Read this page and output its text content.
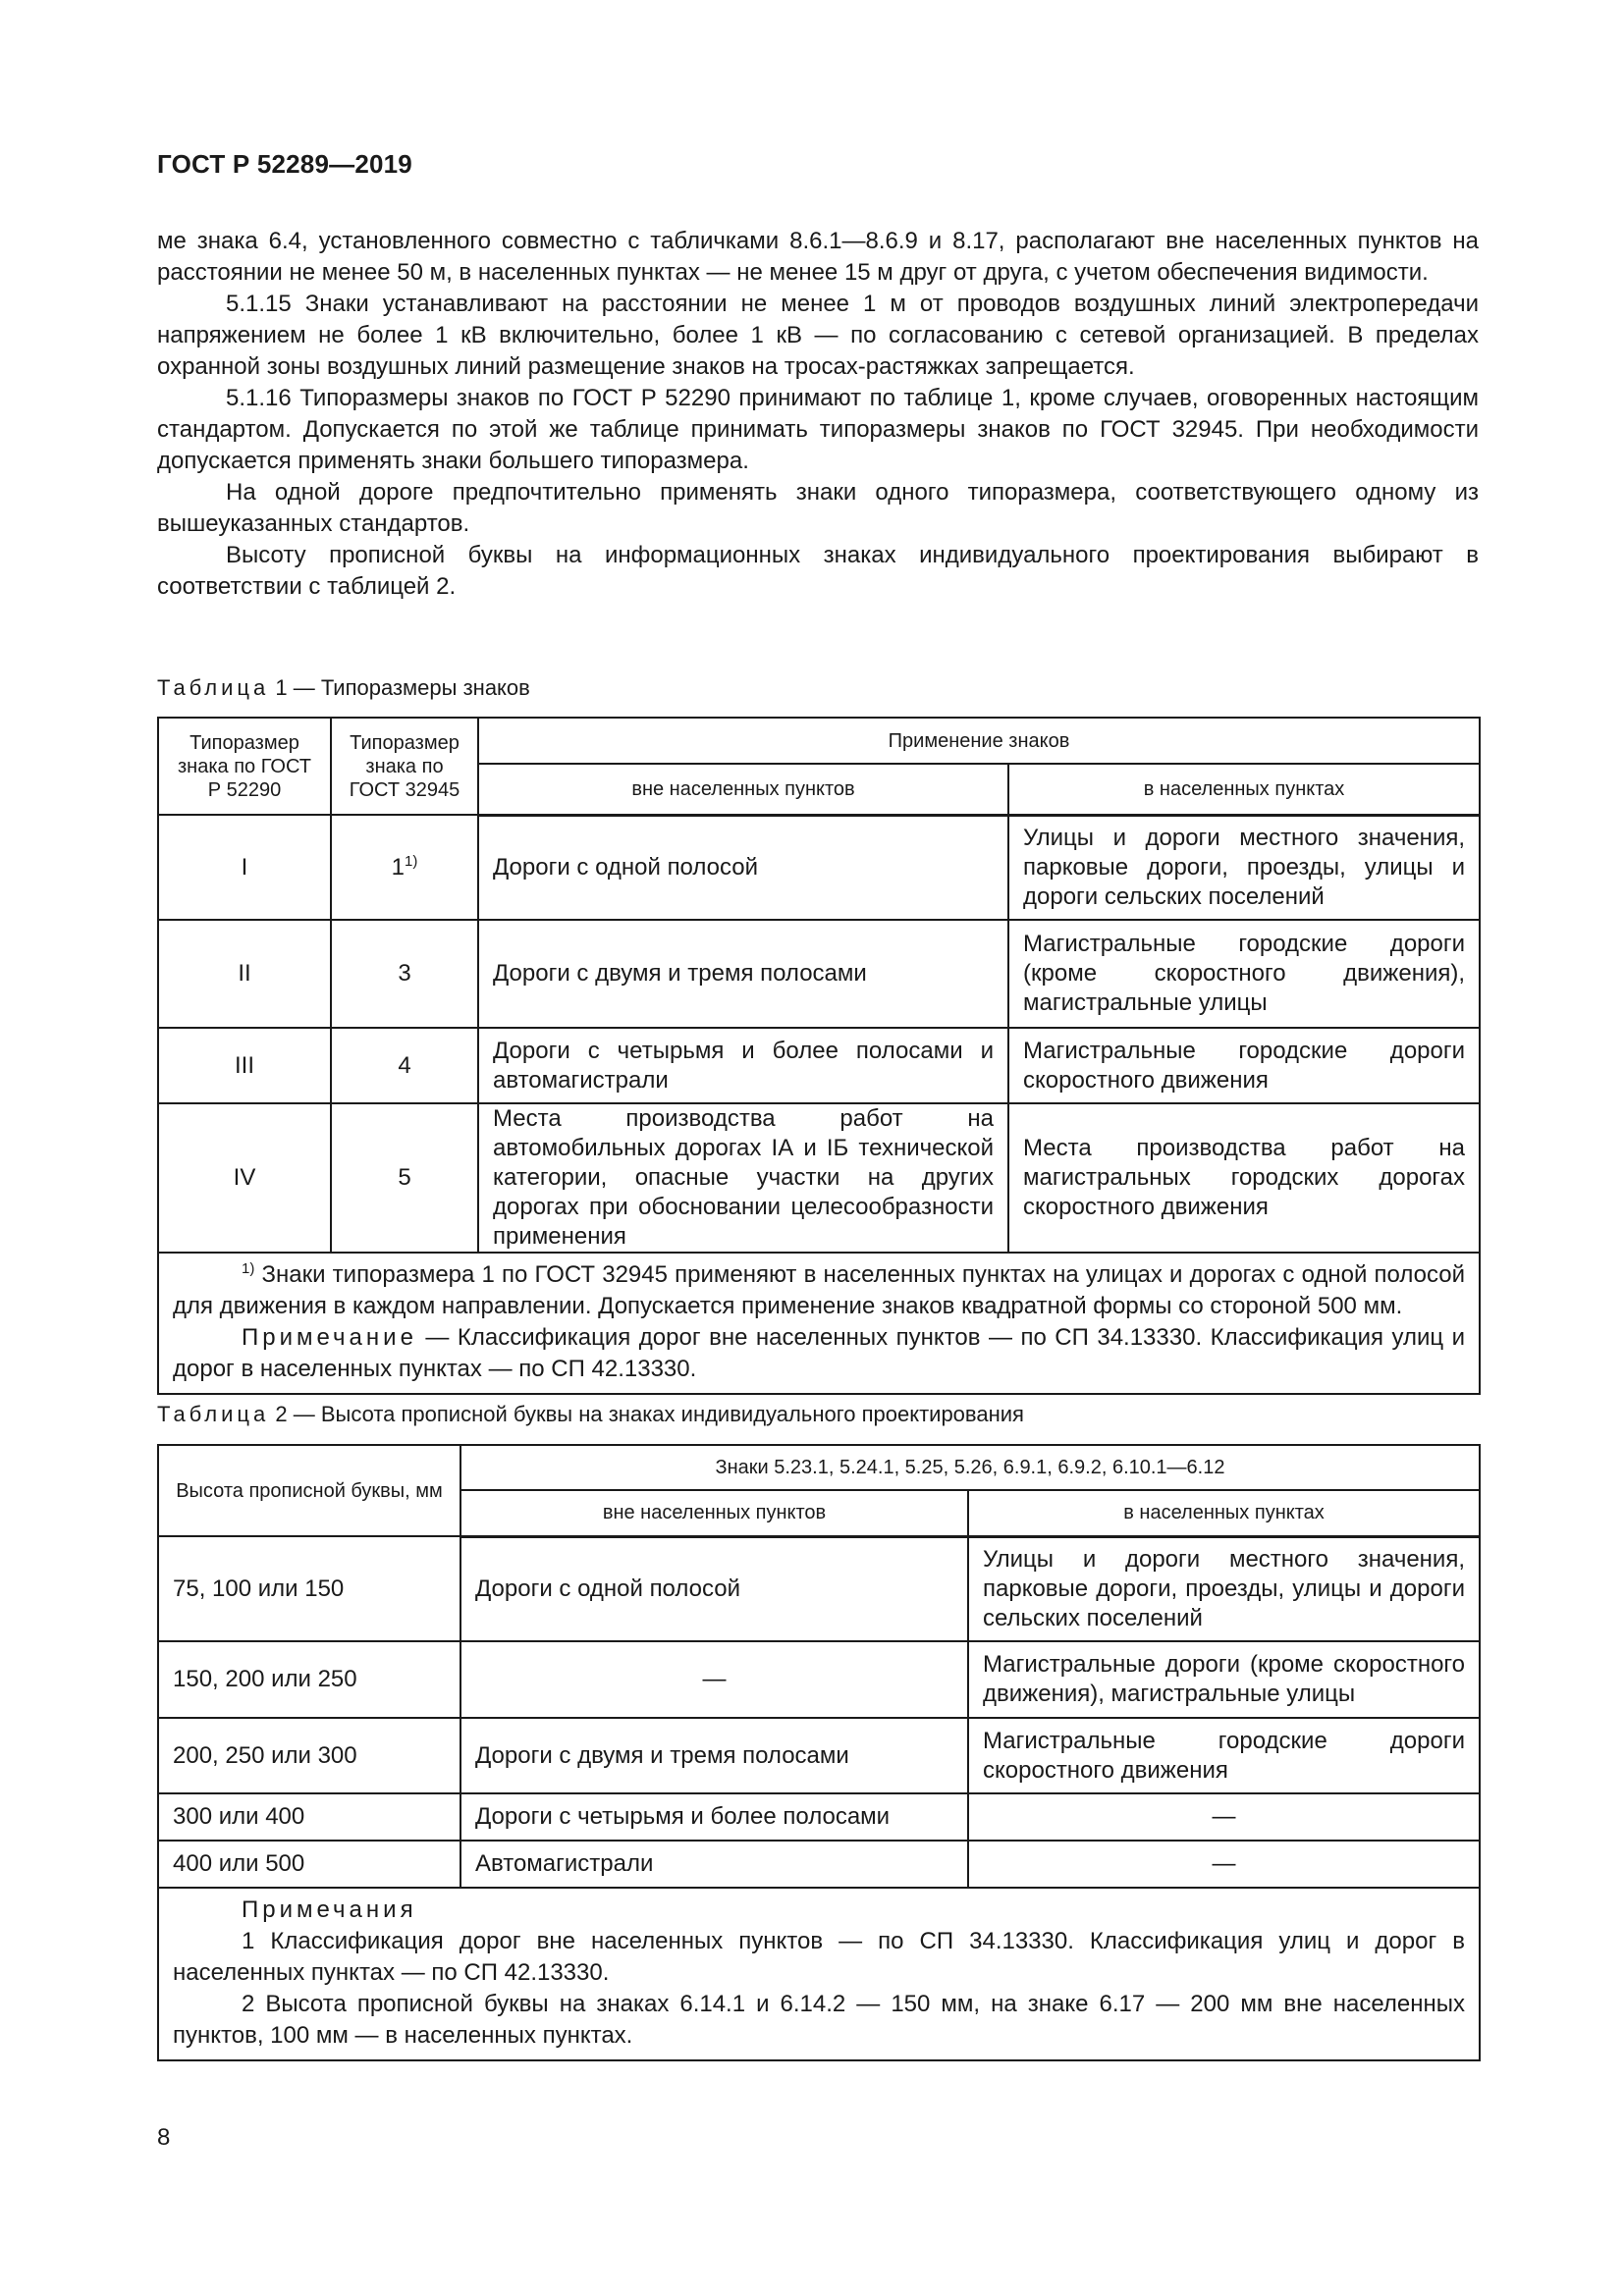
ГОСТ Р 52289—2019

ме знака 6.4, установленного совместно с табличками 8.6.1—8.6.9 и 8.17, располагают вне населенных пунктов на расстоянии не менее 50 м, в населенных пунктах — не менее 15 м друг от друга, с учетом обеспечения видимости.

5.1.15 Знаки устанавливают на расстоянии не менее 1 м от проводов воздушных линий электропередачи напряжением не более 1 кВ включительно, более 1 кВ — по согласованию с сетевой организацией. В пределах охранной зоны воздушных линий размещение знаков на тросах-растяжках запрещается.

5.1.16 Типоразмеры знаков по ГОСТ Р 52290 принимают по таблице 1, кроме случаев, оговоренных настоящим стандартом. Допускается по этой же таблице принимать типоразмеры знаков по ГОСТ 32945. При необходимости допускается применять знаки большего типоразмера.

На одной дороге предпочтительно применять знаки одного типоразмера, соответствующего одному из вышеуказанных стандартов.

Высоту прописной буквы на информационных знаках индивидуального проектирования выбирают в соответствии с таблицей 2.

Таблица 1 — Типоразмеры знаков

Типоразмер знака по ГОСТ Р 52290	Типоразмер знака по ГОСТ 32945	Применение знаков	
		вне населенных пунктов	в населенных пунктах
I	1$^{1)}$	Дороги с одной полосой	Улицы и дороги местного значения, парковые дороги, проезды, улицы и дороги сельских поселений
II	3	Дороги с двумя и тремя полосами	Магистральные городские дороги (кроме скоростного движения), магистральные улицы
III	4	Дороги с четырьмя и более полосами и автомагистрали	Магистральные городские дороги скоростного движения
IV	5	Места производства работ на автомобильных дорогах IА и IБ технической категории, опасные участки на других дорогах при обосновании целесообразности применения	Места производства работ на магистральных городских дорогах скоростного движения

$^{1)}$ Знаки типоразмера 1 по ГОСТ 32945 применяют в населенных пунктах на улицах и дорогах с одной полосой для движения в каждом направлении. Допускается применение знаков квадратной формы со стороной 500 мм.

Примечание — Классификация дорог вне населенных пунктов — по СП 34.13330. Классификация улиц и дорог в населенных пунктах — по СП 42.13330.			

Таблица 2 — Высота прописной буквы на знаках индивидуального проектирования

Высота прописной буквы, мм	Знаки 5.23.1, 5.24.1, 5.25, 5.26, 6.9.1, 6.9.2, 6.10.1—6.12	
	вне населенных пунктов	в населенных пунктах
75, 100 или 150	Дороги с одной полосой	Улицы и дороги местного значения, парковые дороги, проезды, улицы и дороги сельских поселений
150, 200 или 250	—	Магистральные дороги (кроме скоростного движения), магистральные улицы
200, 250 или 300	Дороги с двумя и тремя полосами	Магистральные городские дороги скоростного движения
300 или 400	Дороги с четырьмя и более полосами	—
400 или 500	Автомагистрали	—

Примечания

1 Классификация дорог вне населенных пунктов — по СП 34.13330. Классификация улиц и дорог в населенных пунктах — по СП 42.13330.

2 Высота прописной буквы на знаках 6.14.1 и 6.14.2 — 150 мм, на знаке 6.17 — 200 мм вне населенных пунктов, 100 мм — в населенных пунктах.		

8
